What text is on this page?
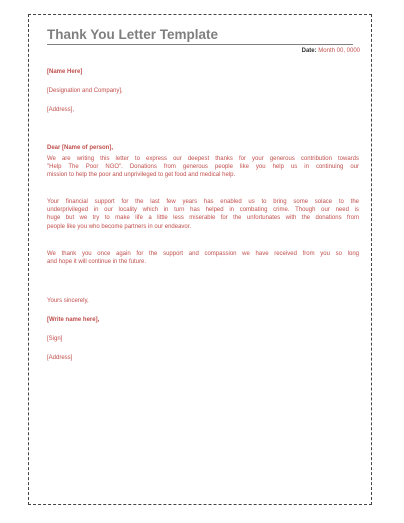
Thank You Letter Template
Date: Month 00, 0000
[Name Here]
[Designation and Company],
[Address],
Dear [Name of person],
We are writing this letter to express our deepest thanks for your generous contribution towards
"Help The Poor NGO". Donations from generous people like you help us in continuing our
mission to help the poor and unprivileged to get food and medical help.
Your financial support for the last few years has enabled us to bring some solace to the
underprivileged in our locality which in turn has helped in combating crime. Though our need is
huge but we try to make life a little less miserable for the unfortunates with the donations from
people like you who become partners in our endeavor.
We thank you once again for the support and compassion we have received from you so long
and hope it will continue in the future.
Yours sincerely,
[Write name here],
[Sign]
[Address]
